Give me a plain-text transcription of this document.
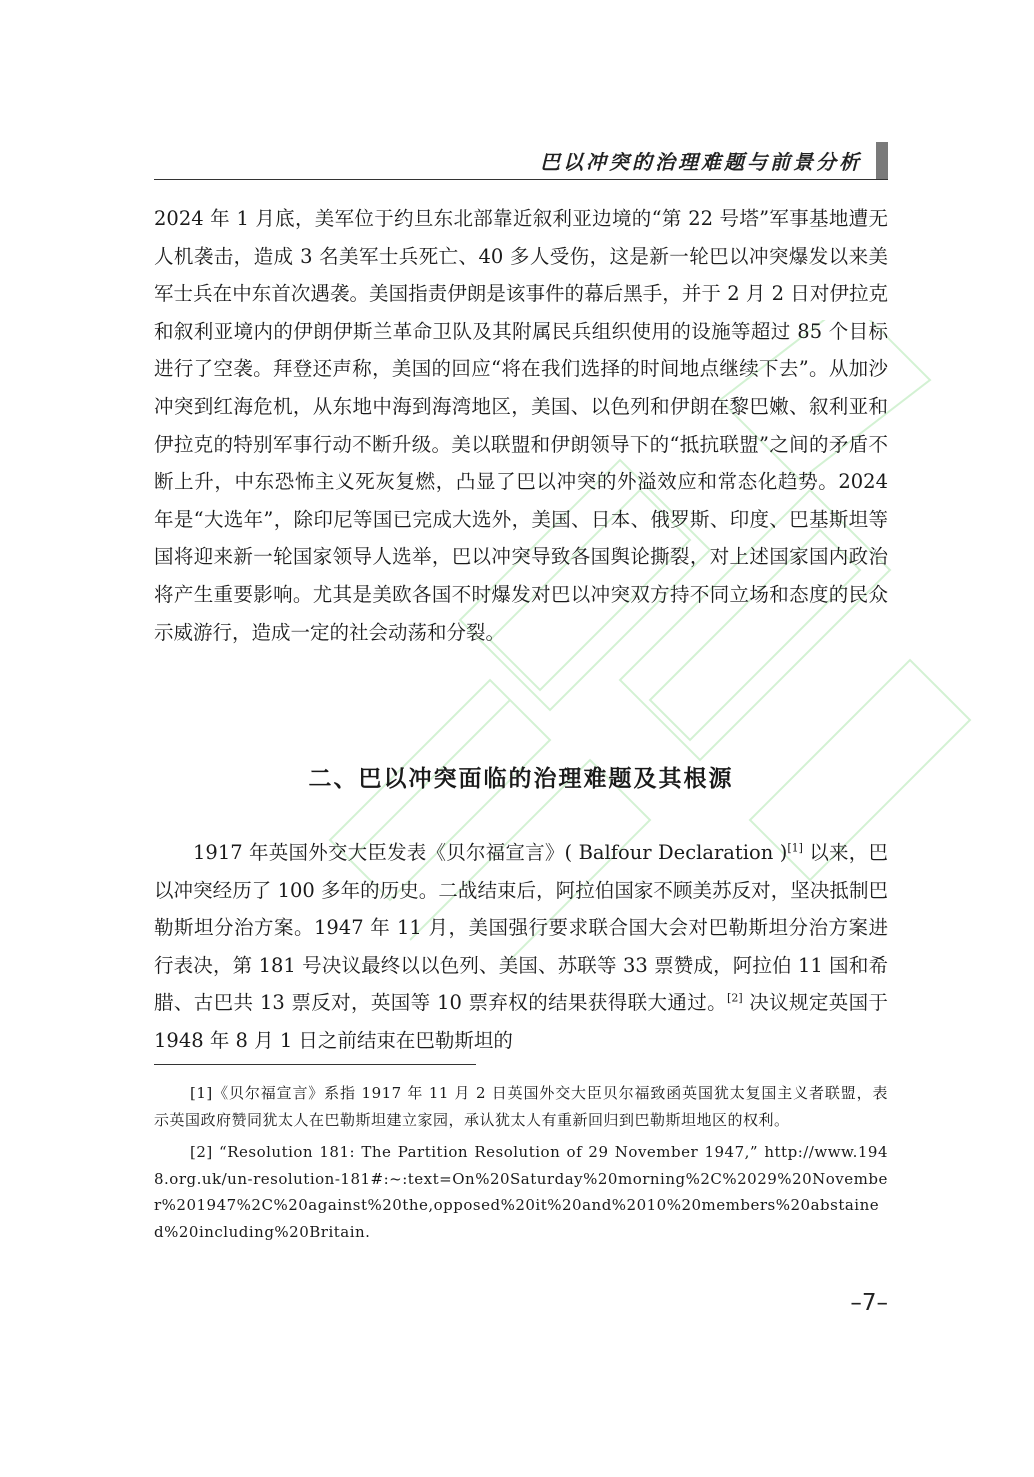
巴以冲突的治理难题与前景分析

2024 年 1 月底，美军位于约旦东北部靠近叙利亚边境的“第 22 号塔”军事基地遭无人机袭击，造成 3 名美军士兵死亡、40 多人受伤，这是新一轮巴以冲突爆发以来美军士兵在中东首次遇袭。美国指责伊朗是该事件的幕后黑手，并于 2 月 2 日对伊拉克和叙利亚境内的伊朗伊斯兰革命卫队及其附属民兵组织使用的设施等超过 85 个目标进行了空袭。拜登还声称，美国的回应“将在我们选择的时间地点继续下去”。从加沙冲突到红海危机，从东地中海到海湾地区，美国、以色列和伊朗在黎巴嫩、叙利亚和伊拉克的特别军事行动不断升级。美以联盟和伊朗领导下的“抵抗联盟”之间的矛盾不断上升，中东恐怖主义死灰复燃，凸显了巴以冲突的外溢效应和常态化趋势。2024 年是“大选年”，除印尼等国已完成大选外，美国、日本、俄罗斯、印度、巴基斯坦等国将迎来新一轮国家领导人选举，巴以冲突导致各国舆论撕裂，对上述国家国内政治将产生重要影响。尤其是美欧各国不时爆发对巴以冲突双方持不同立场和态度的民众示威游行，造成一定的社会动荡和分裂。

二、巴以冲突面临的治理难题及其根源

1917 年英国外交大臣发表《贝尔福宣言》( Balfour Declaration )[1] 以来，巴以冲突经历了 100 多年的历史。二战结束后，阿拉伯国家不顾美苏反对，坚决抵制巴勒斯坦分治方案。1947 年 11 月，美国强行要求联合国大会对巴勒斯坦分治方案进行表决，第 181 号决议最终以以色列、美国、苏联等 33 票赞成，阿拉伯 11 国和希腊、古巴共 13 票反对，英国等 10 票弃权的结果获得联大通过。[2] 决议规定英国于 1948 年 8 月 1 日之前结束在巴勒斯坦的

[1]《贝尔福宣言》系指 1917 年 11 月 2 日英国外交大臣贝尔福致函英国犹太复国主义者联盟，表示英国政府赞同犹太人在巴勒斯坦建立家园，承认犹太人有重新回归到巴勒斯坦地区的权利。

[2] “Resolution 181: The Partition Resolution of 29 November 1947,” http://www.1948.org.uk/un-resolution-181#:~:text=On%20Saturday%20morning%2C%2029%20November%201947%2C%20against%20the,opposed%20it%20and%2010%20members%20abstained%20including%20Britain.

–7–
